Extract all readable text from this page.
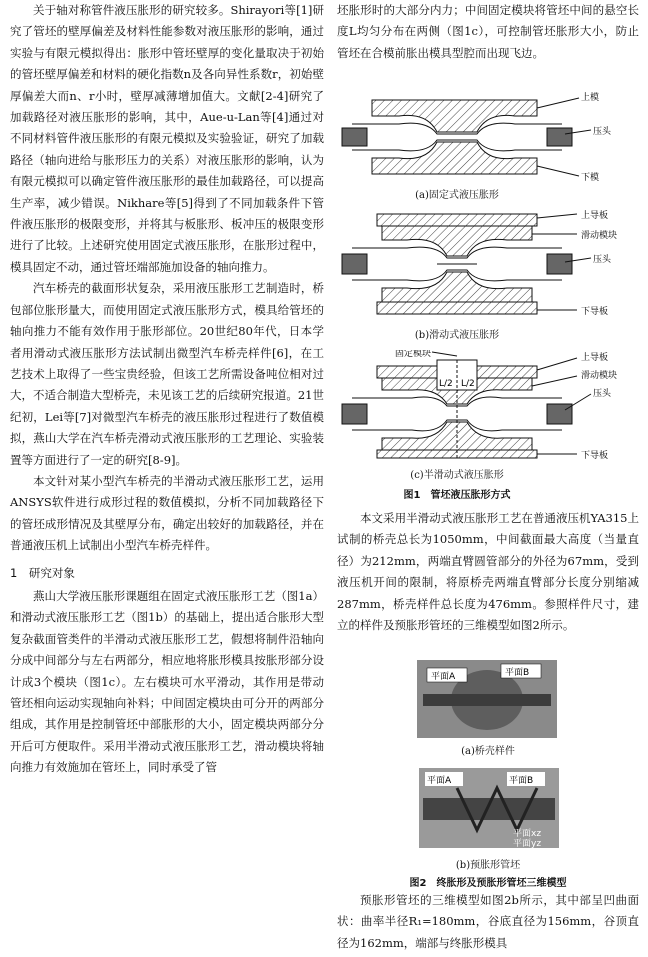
关于轴对称管件液压胀形的研究较多。Shirayori等[1]研究了管坯的壁厚偏差及材料性能参数对液压胀形的影响，通过实验与有限元模拟得出：胀形中管坯壁厚的变化量取决于初始的管坯壁厚偏差和材料的硬化指数n及各向异性系数r，初始壁厚偏差大而n、r小时，壁厚减薄增加值大。文献[2-4]研究了加载路径对液压胀形的影响，其中，Aue-u-Lan等[4]通过对不同材料管件液压胀形的有限元模拟及实验验证，研究了加载路径（轴向进给与胀形压力的关系）对液压胀形的影响，认为有限元模拟可以确定管件液压胀形的最佳加载路径，可以提高生产率，减少错误。Nikhare等[5]得到了不同加载条件下管件液压胀形的极限变形，并将其与板胀形、板冲压的极限变形进行了比较。上述研究使用固定式液压胀形，在胀形过程中，模具固定不动，通过管坯端部施加设备的轴向推力。

汽车桥壳的截面形状复杂，采用液压胀形工艺制造时，桥包部位胀形量大，而使用固定式液压胀形方式，模具给管坯的轴向推力不能有效作用于胀形部位。20世纪80年代，日本学者用滑动式液压胀形方法试制出微型汽车桥壳样件[6]，在工艺技术上取得了一些宝贵经验，但该工艺所需设备吨位相对过大，不适合制造大型桥壳，未见该工艺的后续研究报道。21世纪初，Lei等[7]对微型汽车桥壳的液压胀形过程进行了数值模拟，燕山大学在汽车桥壳滑动式液压胀形的工艺理论、实验装置等方面进行了一定的研究[8-9]。

本文针对某小型汽车桥壳的半滑动式液压胀形工艺，运用ANSYS软件进行成形过程的数值模拟，分析不同加载路径下的管坯成形情况及其壁厚分布，确定出较好的加载路径，并在普通液压机上试制出小型汽车桥壳样件。

1　研究对象

燕山大学液压胀形课题组在固定式液压胀形工艺（图1a）和滑动式液压胀形工艺（图1b）的基础上，提出适合胀形大型复杂截面管类件的半滑动式液压胀形工艺，假想将制件沿轴向分成中间部分与左右两部分，相应地将胀形模具按胀形部分设计成3个模块（图1c）。左右模块可水平滑动，其作用是带动管坯相向运动实现轴向补料；中间固定模块由可分开的两部分组成，其作用是控制管坯中部胀形的大小，固定模块两部分分开后可方便取件。采用半滑动式液压胀形工艺，滑动模块将轴向推力有效施加在管坯上，同时承受了管

坯胀形时的大部分内力；中间固定模块将管坯中间的悬空长度L均匀分布在两侧（图1c），可控制管坯胀形大小，防止管坯在合模前胀出模具型腔而出现飞边。

上模
压头
下模
(a)固定式液压胀形
上导板
滑动模块
压头
下导板
(b)滑动式液压胀形
固定模块
L/2 L/2
上导板
滑动模块
压头
下导板
(c)半滑动式液压胀形
图1　管坯液压胀形方式

本文采用半滑动式液压胀形工艺在普通液压机YA315上试制的桥壳总长为1050mm，中间截面最大高度（当量直径）为212mm，两端直臂圆管部分的外径为67mm，受到液压机开间的限制，将原桥壳两端直臂部分长度分别缩减287mm，桥壳样件总长度为476mm。参照样件尺寸，建立的样件及预胀形管坯的三维模型如图2所示。

平面A	平面B
(a)桥壳样件
平面A	平面B
平面xz
平面yz
(b)预胀形管坯
图2　终胀形及预胀形管坯三维模型

预胀形管坯的三维模型如图2b所示，其中部呈凹曲面状：曲率半径R₁=180mm，谷底直径为156mm，谷顶直径为162mm，端部与终胀形模具
